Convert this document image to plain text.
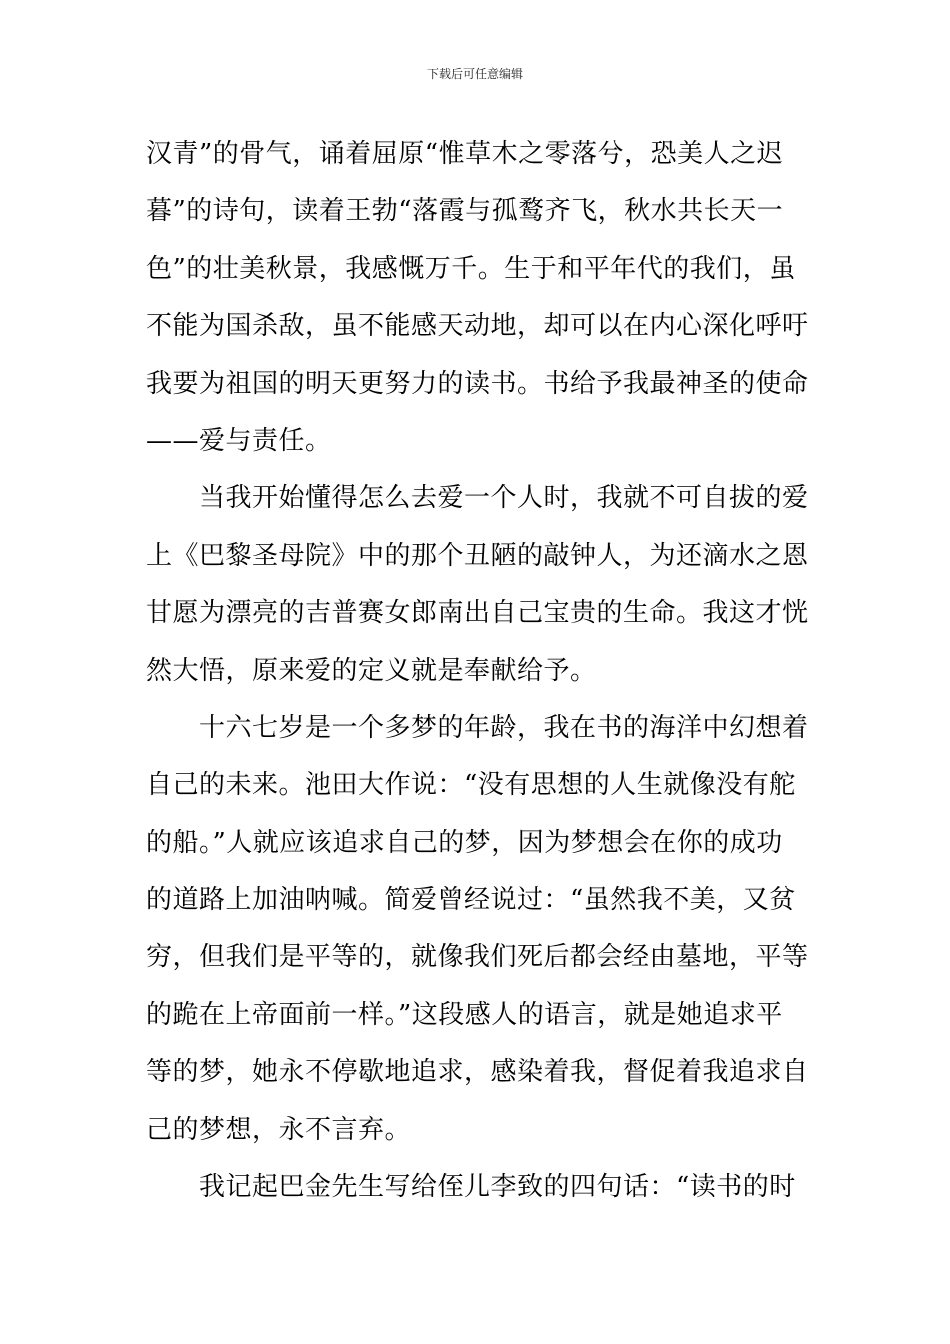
下载后可任意编辑
汉青”的骨气，诵着屈原“惟草木之零落兮，恐美人之迟
暮”的诗句，读着王勃“落霞与孤鹜齐飞，秋水共长天一
色”的壮美秋景，我感慨万千。生于和平年代的我们，虽
不能为国杀敌，虽不能感天动地，却可以在内心深化呼吁
我要为祖国的明天更努力的读书。书给予我最神圣的使命
——爱与责任。
当我开始懂得怎么去爱一个人时，我就不可自拔的爱
上《巴黎圣母院》中的那个丑陋的敲钟人，为还滴水之恩
甘愿为漂亮的吉普赛女郎南出自己宝贵的生命。我这才恍
然大悟，原来爱的定义就是奉献给予。
十六七岁是一个多梦的年龄，我在书的海洋中幻想着
自己的未来。池田大作说：“没有思想的人生就像没有舵
的船。”人就应该追求自己的梦，因为梦想会在你的成功
的道路上加油呐喊。简爱曾经说过：“虽然我不美，又贫
穷，但我们是平等的，就像我们死后都会经由墓地，平等
的跪在上帝面前一样。”这段感人的语言，就是她追求平
等的梦，她永不停歇地追求，感染着我，督促着我追求自
己的梦想，永不言弃。
我记起巴金先生写给侄儿李致的四句话：“读书的时
